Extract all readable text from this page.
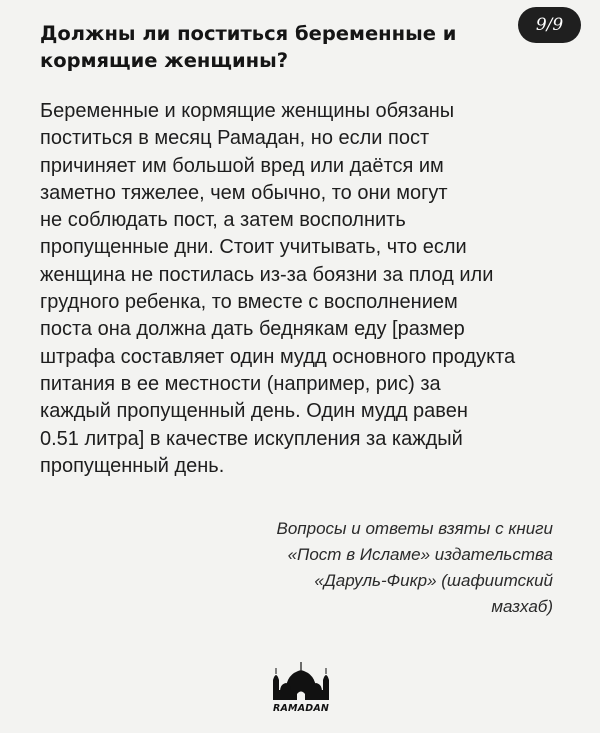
Должны ли поститься беременные и кормящие женщины?
9/9
Беременные и кормящие женщины обязаны
поститься в месяц Рамадан, но если пост
причиняет им большой вред или даётся им
заметно тяжелее, чем обычно, то они могут
не соблюдать пост, а затем восполнить
пропущенные дни. Стоит учитывать, что если
женщина не постилась из-за боязни за плод или
грудного ребенка, то вместе с восполнением
поста она должна дать беднякам еду [размер
штрафа составляет один мудд основного продукта
питания в ее местности (например, рис) за
каждый пропущенный день. Один мудд равен
0.51 литра] в качестве искупления за каждый
пропущенный день.
Вопросы и ответы взяты с книги
«Пост в Исламе» издательства
«Даруль-Фикр» (шафиитский
мазхаб)
RAMADAN
